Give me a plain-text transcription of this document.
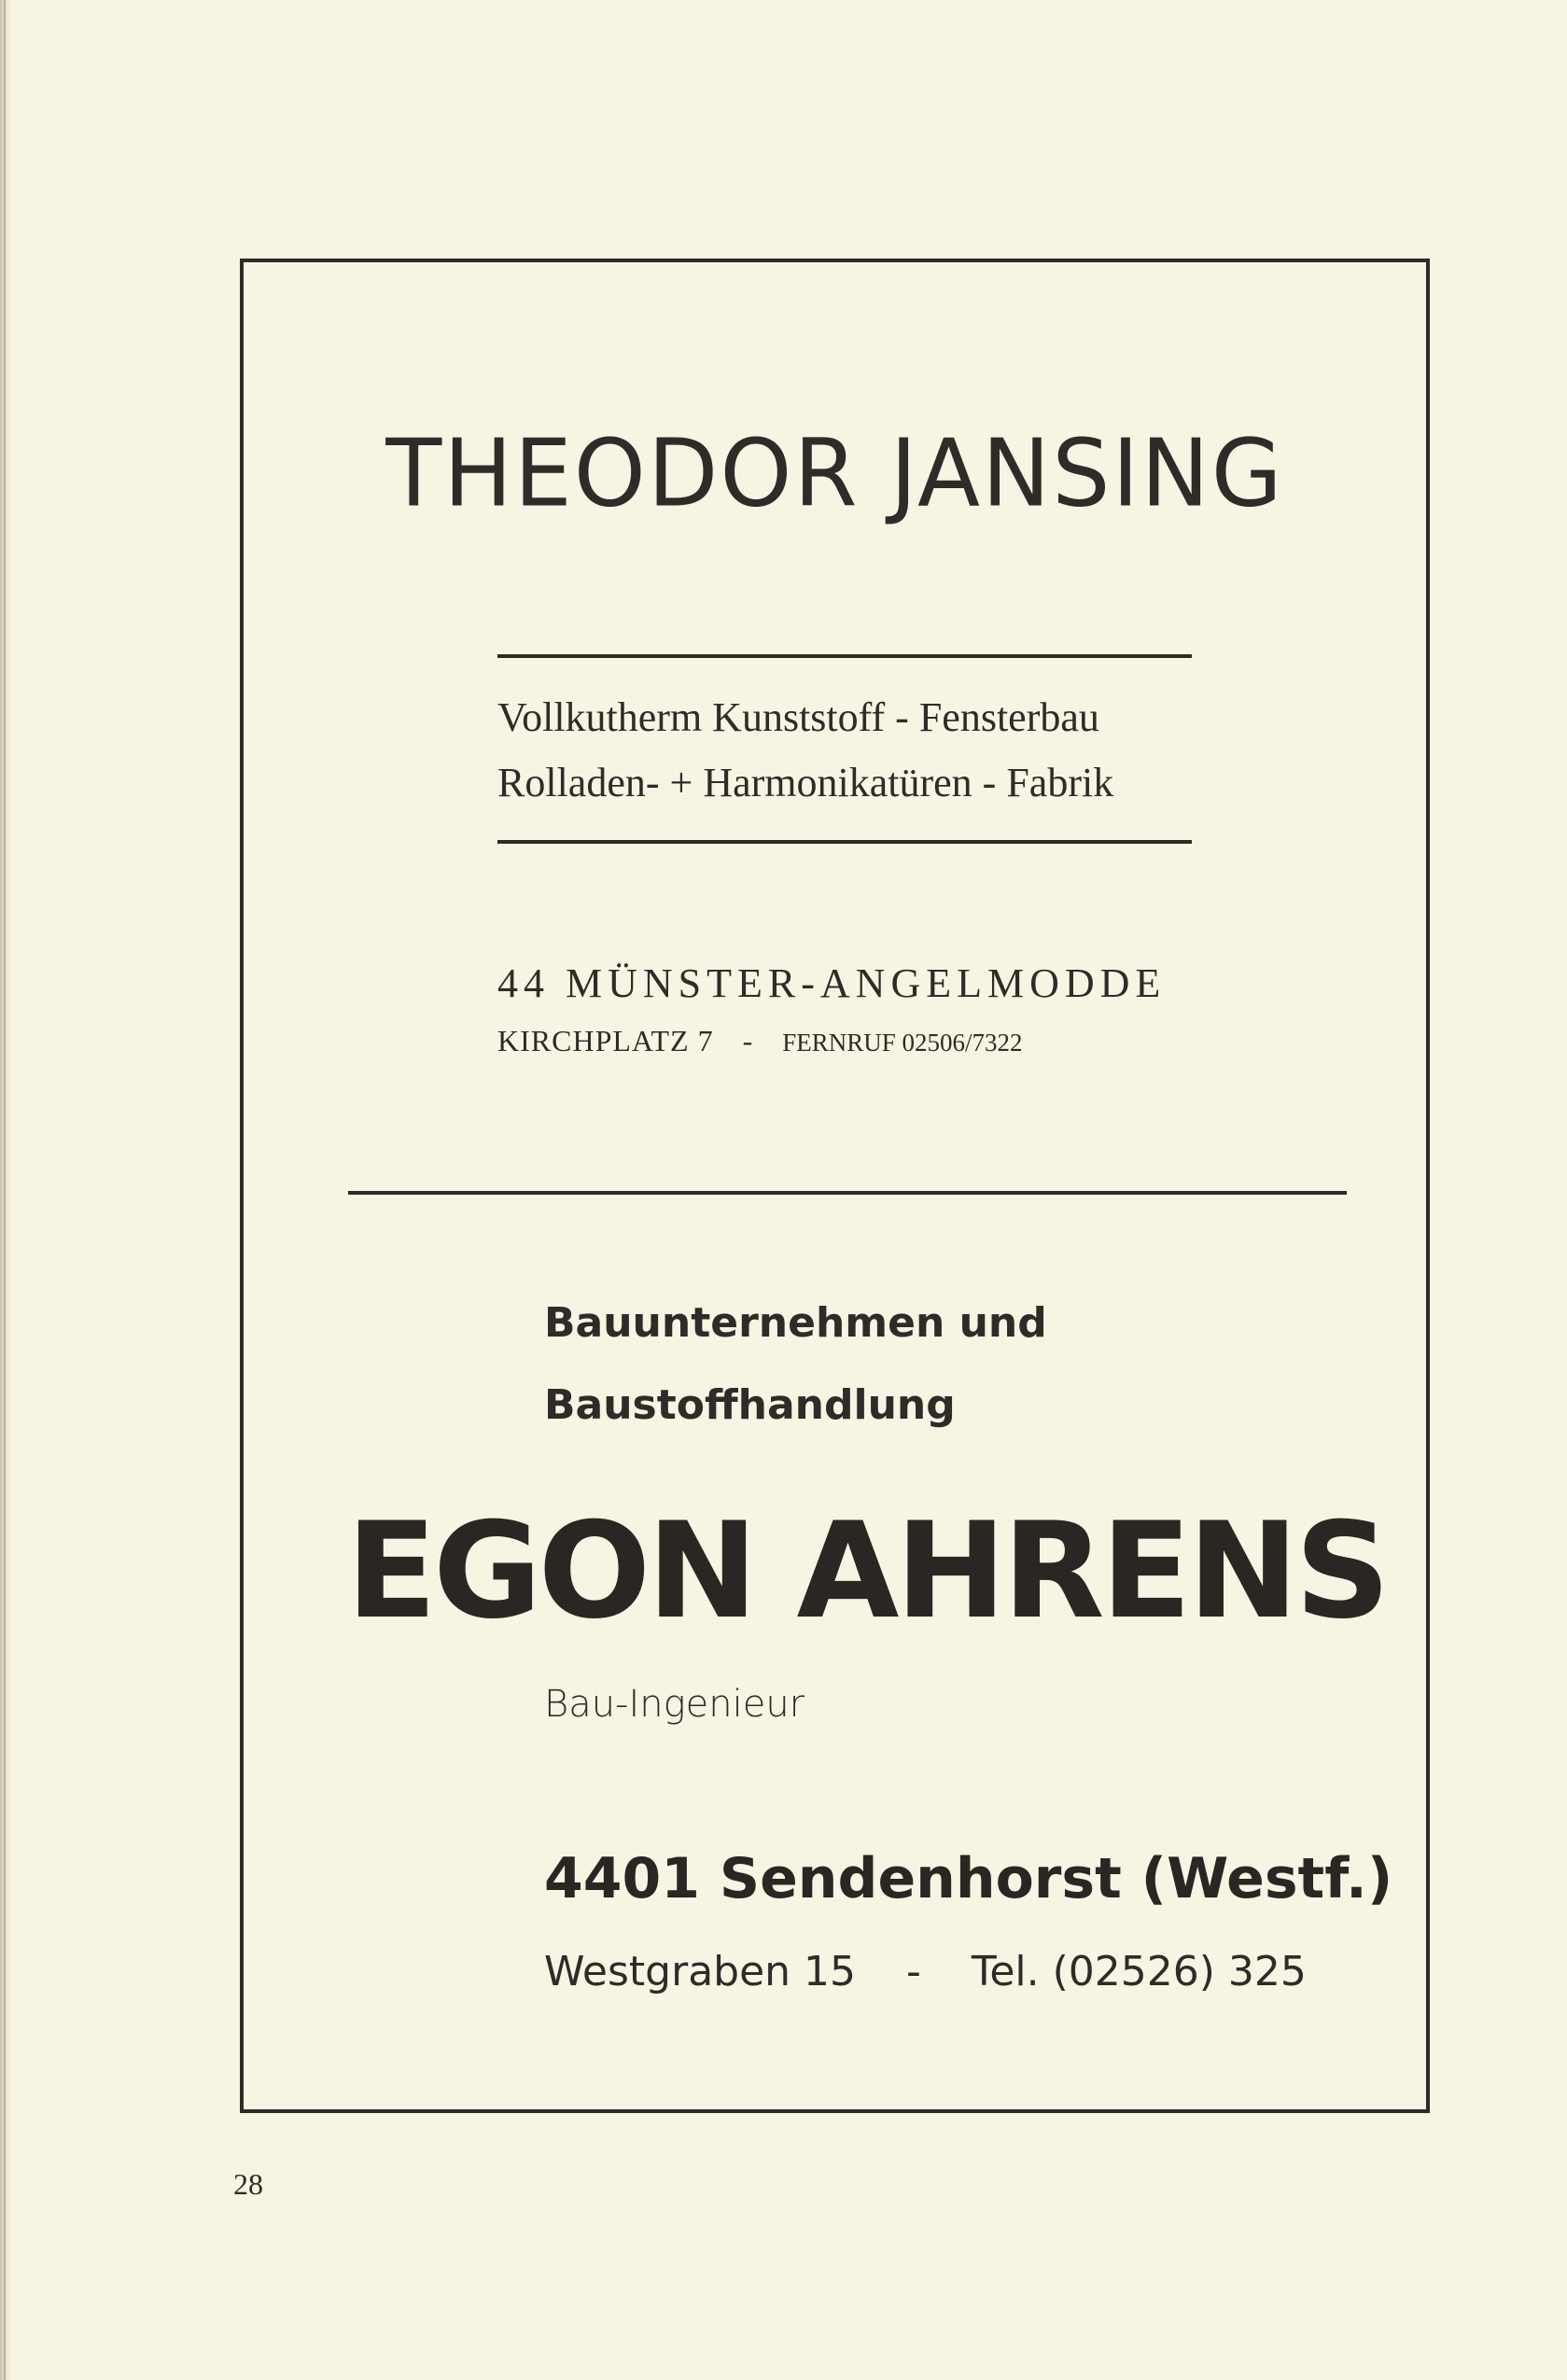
THEODOR JANSING
Vollkutherm Kunststoff - Fensterbau
Rolladen- + Harmonikatüren - Fabrik
44 MÜNSTER-ANGELMODDE
KIRCHPLATZ 7 - FERNRUF 02506/7322
Bauunternehmen und
Baustoffhandlung
EGON AHRENS
Bau-Ingenieur
4401 Sendenhorst (Westf.)
Westgraben 15 - Tel. (02526) 325
28
